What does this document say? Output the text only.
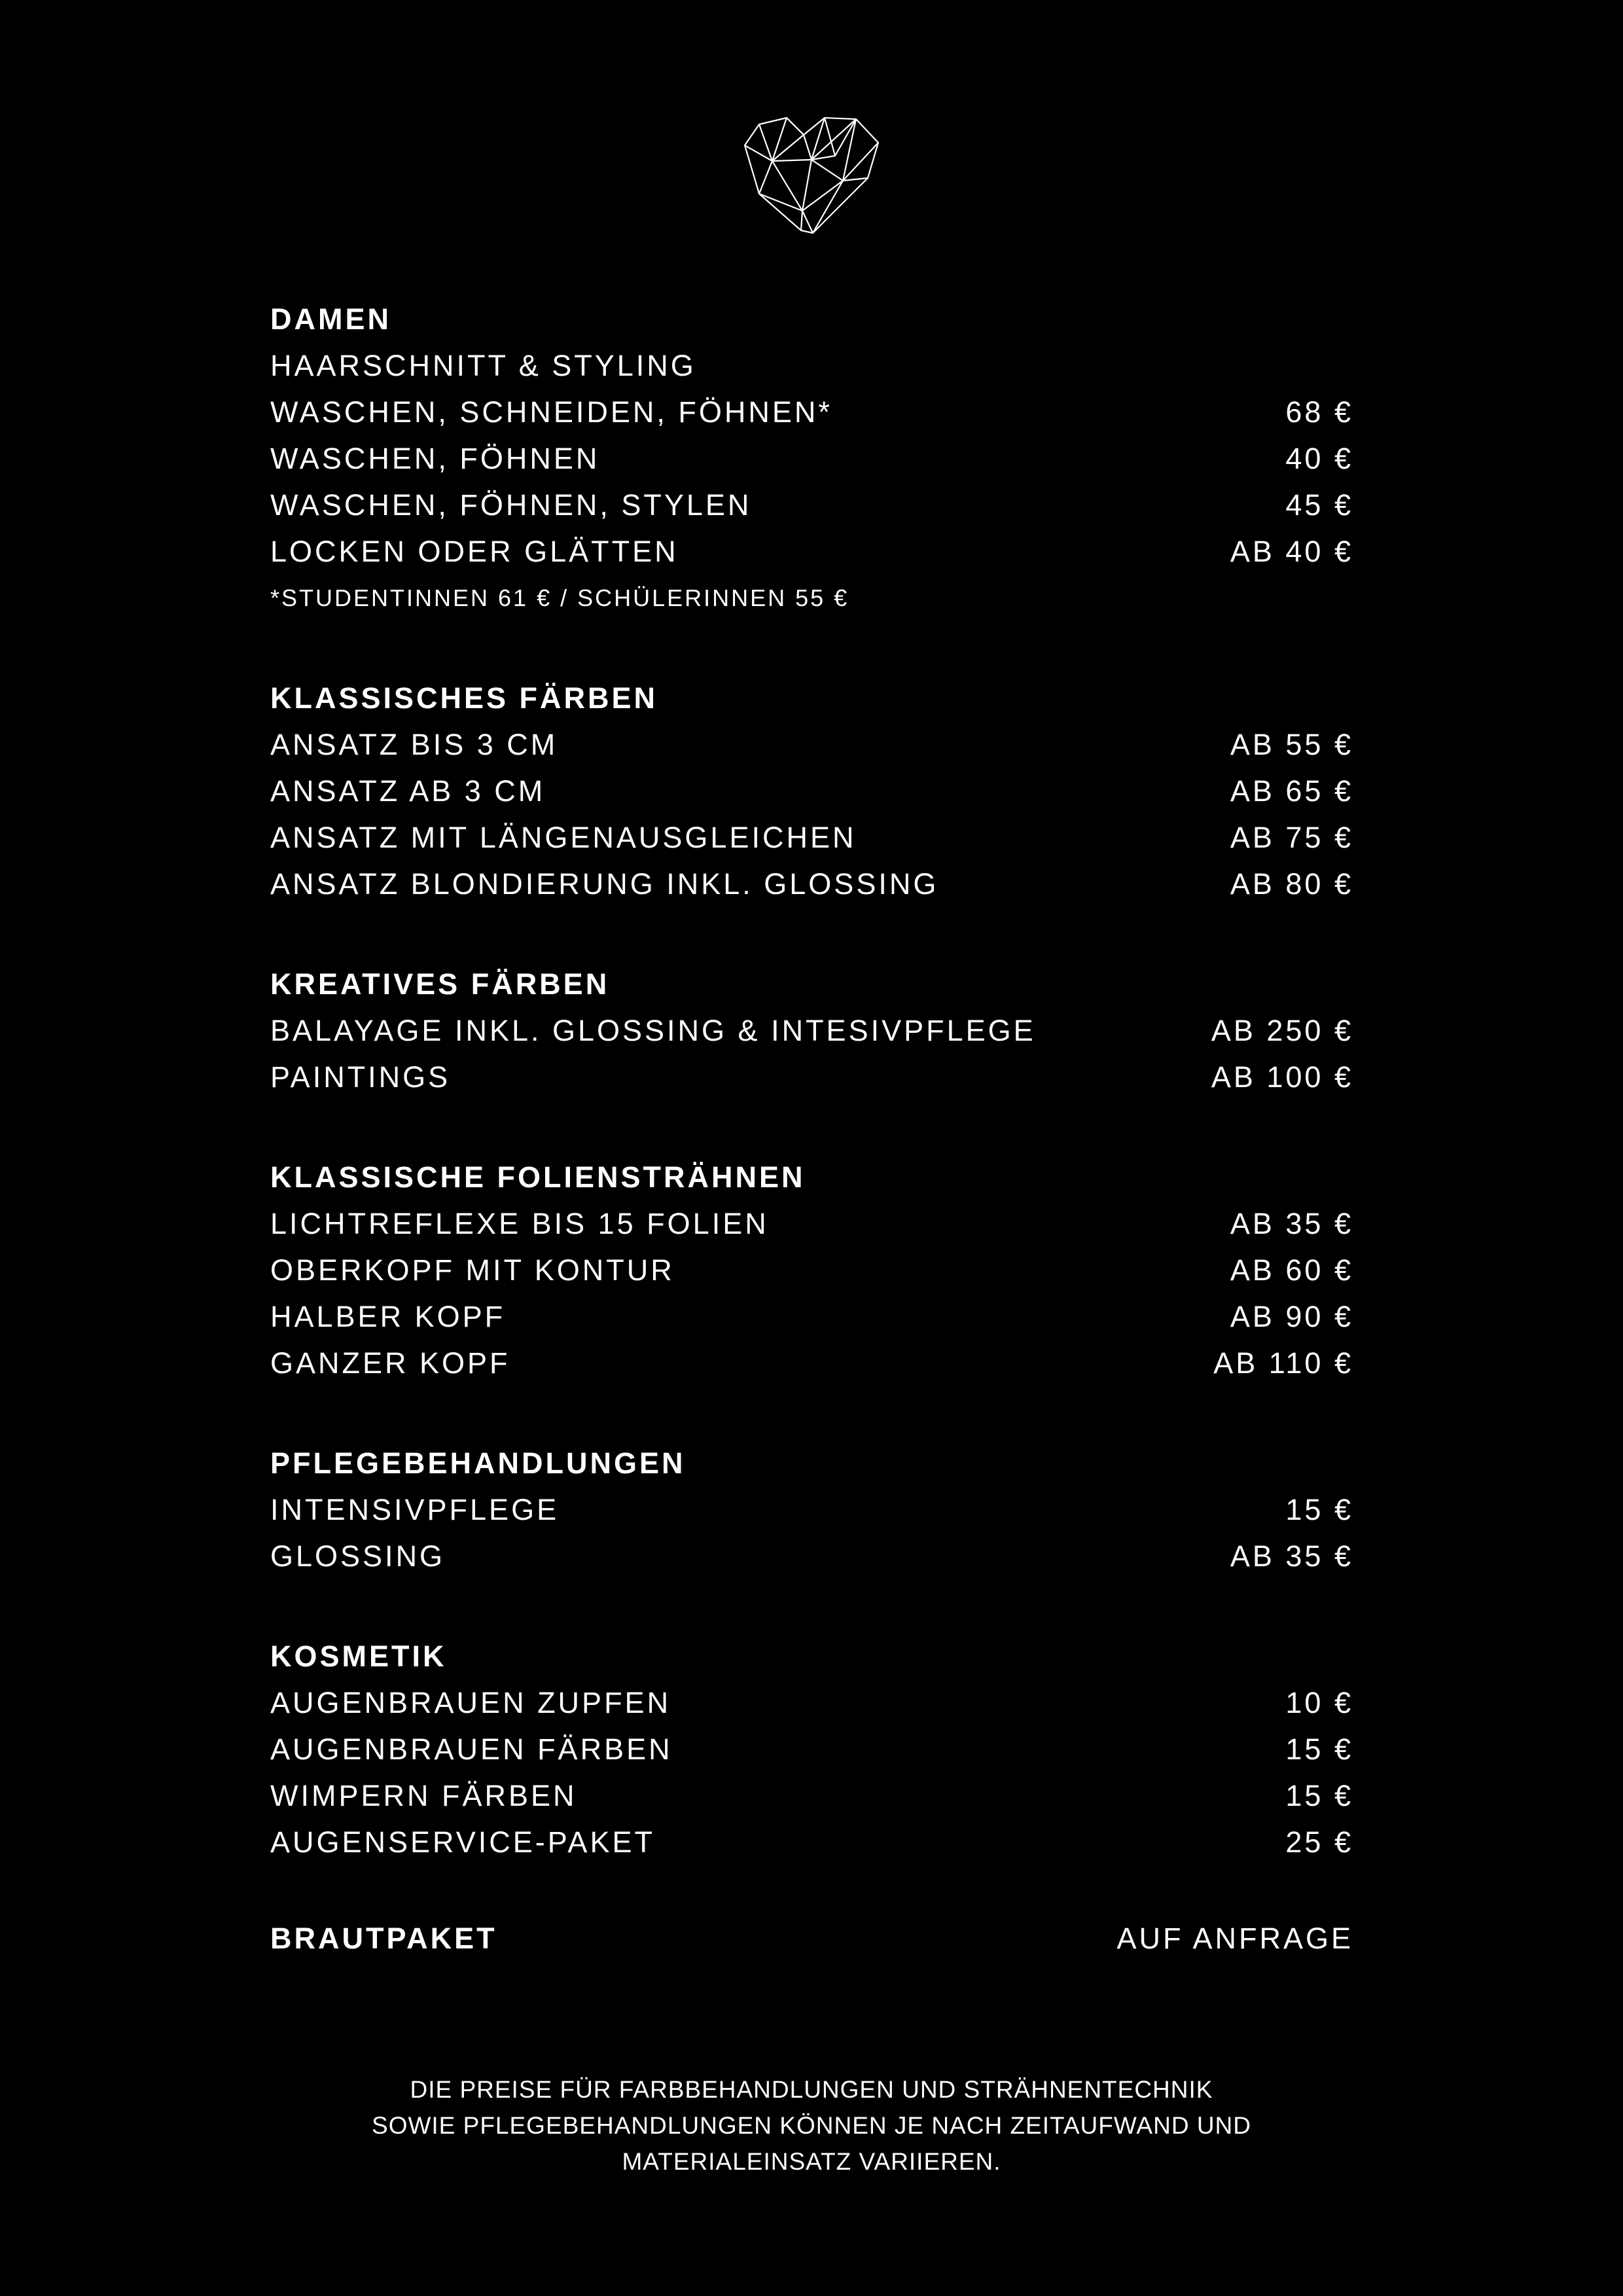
DAMEN
HAARSCHNITT & STYLING
WASCHEN, SCHNEIDEN, FÖHNEN*	68 €
WASCHEN, FÖHNEN	40 €
WASCHEN, FÖHNEN, STYLEN	45 €
LOCKEN ODER GLÄTTEN	AB 40 €
*STUDENTINNEN 61 € / SCHÜLERINNEN 55 €
KLASSISCHES FÄRBEN
ANSATZ BIS 3 CM	AB 55 €
ANSATZ AB 3 CM	AB 65 €
ANSATZ MIT LÄNGENAUSGLEICHEN	AB 75 €
ANSATZ BLONDIERUNG INKL. GLOSSING	AB 80 €
KREATIVES FÄRBEN
BALAYAGE INKL. GLOSSING & INTESIVPFLEGE	AB 250 €
PAINTINGS	AB 100 €
KLASSISCHE FOLIENSTRÄHNEN
LICHTREFLEXE BIS 15 FOLIEN	AB 35 €
OBERKOPF MIT KONTUR	AB 60 €
HALBER KOPF	AB 90 €
GANZER KOPF	AB 110 €
PFLEGEBEHANDLUNGEN
INTENSIVPFLEGE	15 €
GLOSSING	AB 35 €
KOSMETIK
AUGENBRAUEN ZUPFEN	10 €
AUGENBRAUEN FÄRBEN	15 €
WIMPERN FÄRBEN	15 €
AUGENSERVICE-PAKET	25 €
BRAUTPAKET	AUF ANFRAGE
DIE PREISE FÜR FARBBEHANDLUNGEN UND STRÄHNENTECHNIK
SOWIE PFLEGEBEHANDLUNGEN KÖNNEN JE NACH ZEITAUFWAND UND
MATERIALEINSATZ VARIIEREN.
